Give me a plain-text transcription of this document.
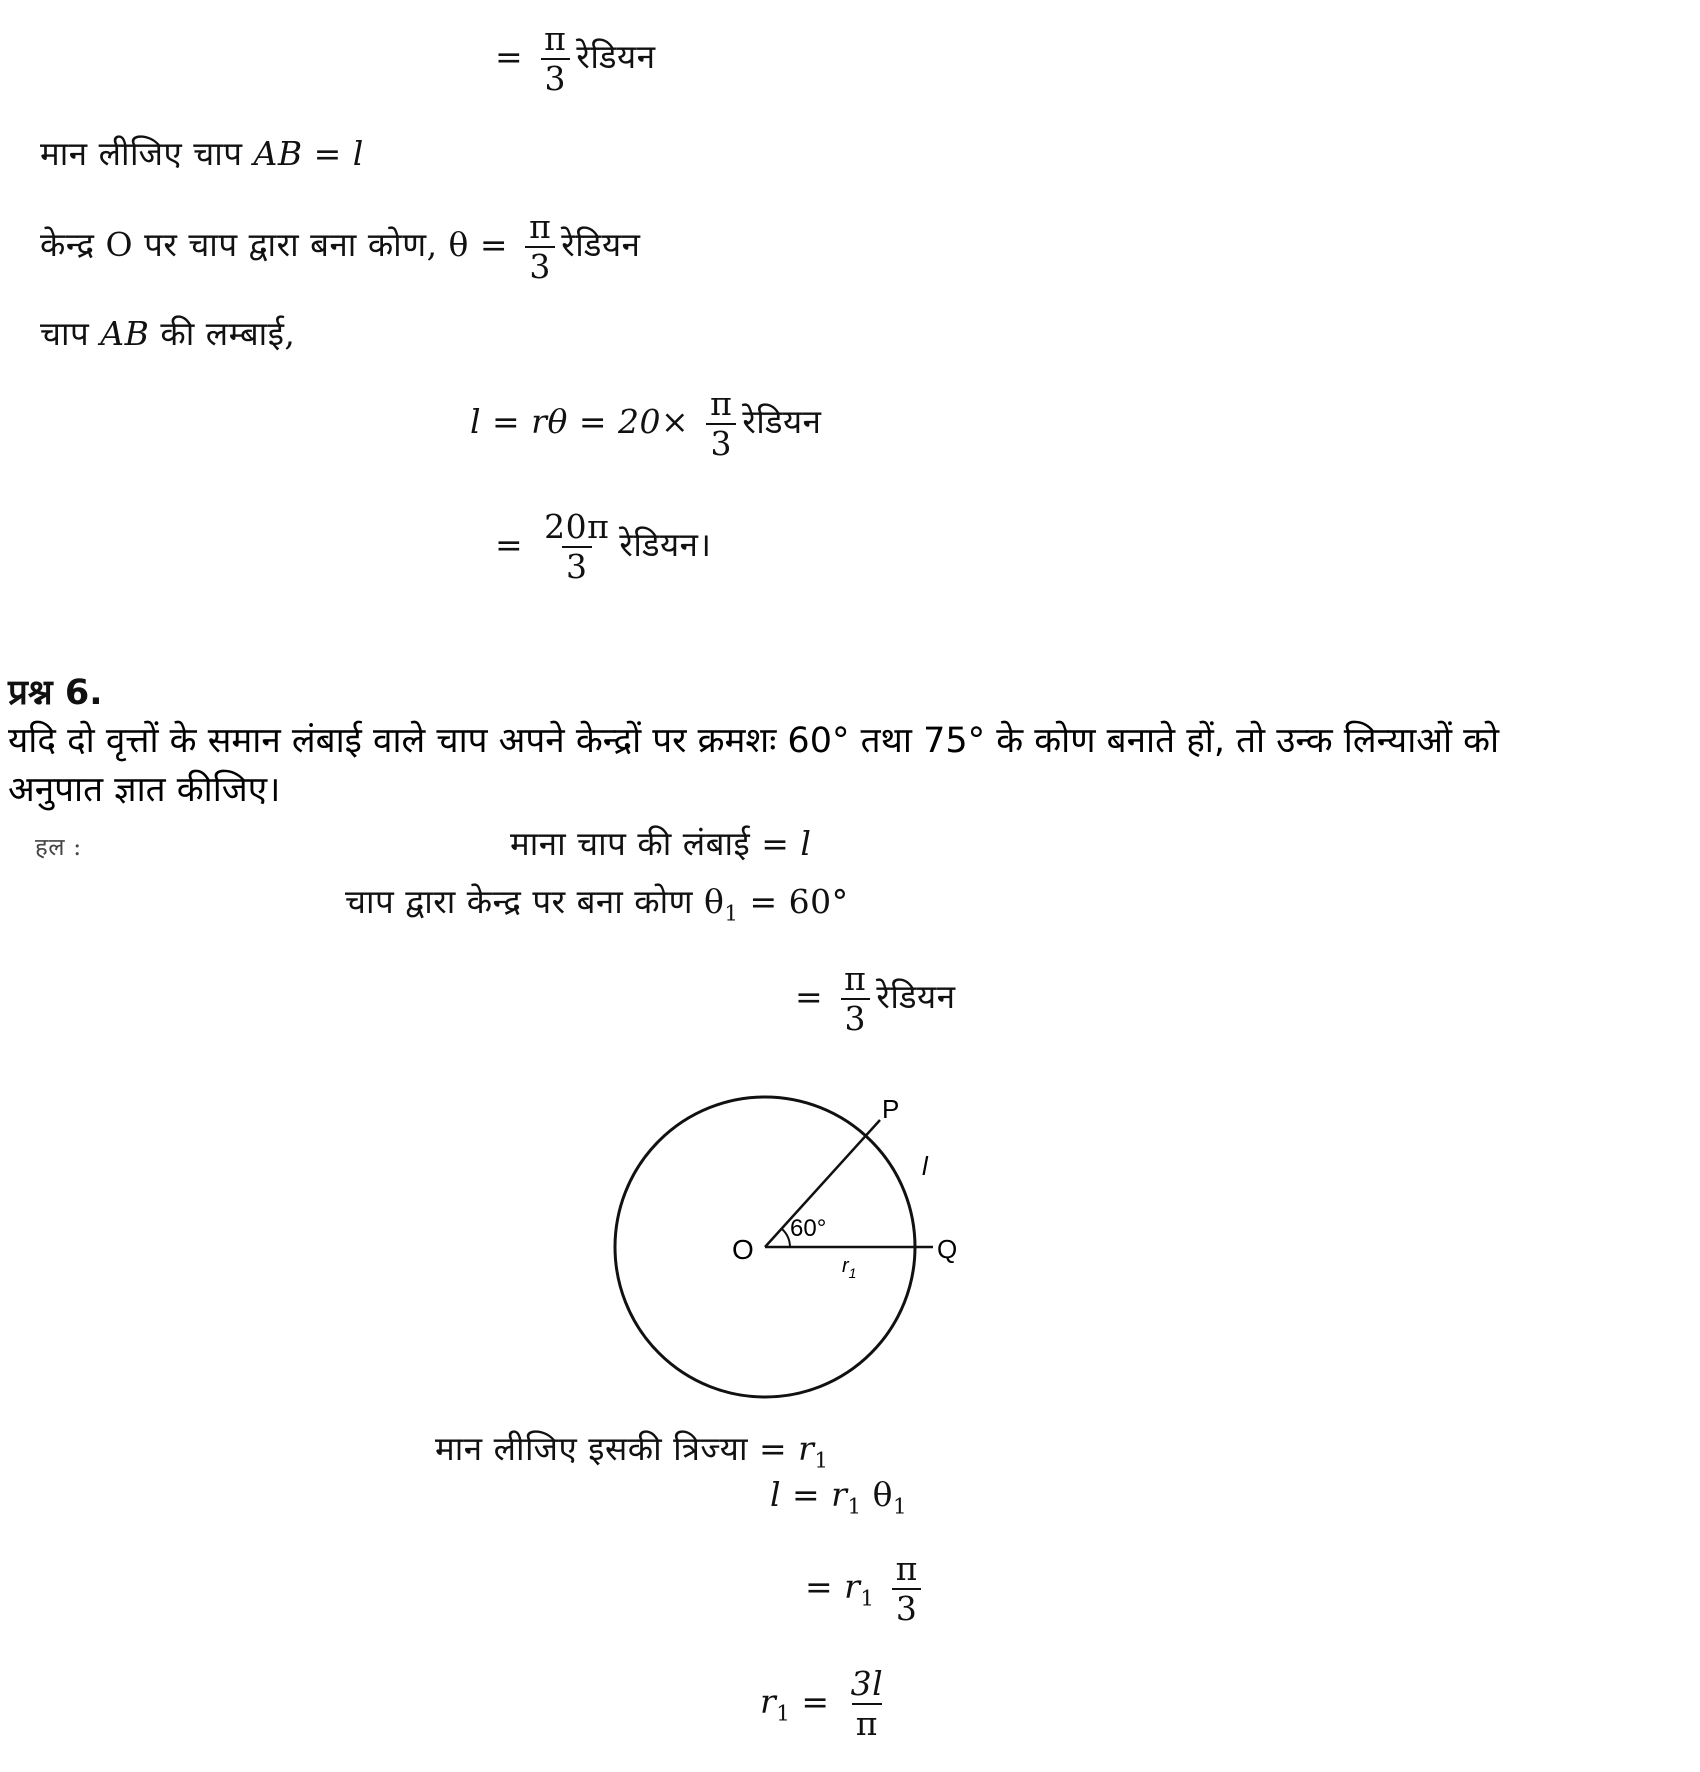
= $\frac{\pi}{3}$ रेडियन
मान लीजिए चाप AB = l
केन्द्र O पर चाप द्वारा बना कोण, $\theta = \frac{\pi}{3}$ रेडियन
चाप AB की लम्बाई,
$l = r\theta = 20\times \frac{\pi}{3}$ रेडियन
= $\frac{20\pi}{3}$ रेडियन।
प्रश्न 6.
यदि दो वृत्तों के समान लंबाई वाले चाप अपने केन्द्रों पर क्रमशः 60° तथा 75° के कोण बनाते हों, तो उन्क लिन्याओं को
अनुपात ज्ञात कीजिए।
हल :	माना चाप की लंबाई = l
चाप द्वारा केन्द्र पर बना कोण $\theta_1 = 60^\circ$
= $\frac{\pi}{3}$ रेडियन
O
P
Q
l
60°
$r_1$
मान लीजिए इसकी त्रिज्या = $r_1$
$l = r_1$ $\theta_1$
= $r_1 \frac{\pi}{3}$
$r_1 = \frac{3l}{\pi}$
